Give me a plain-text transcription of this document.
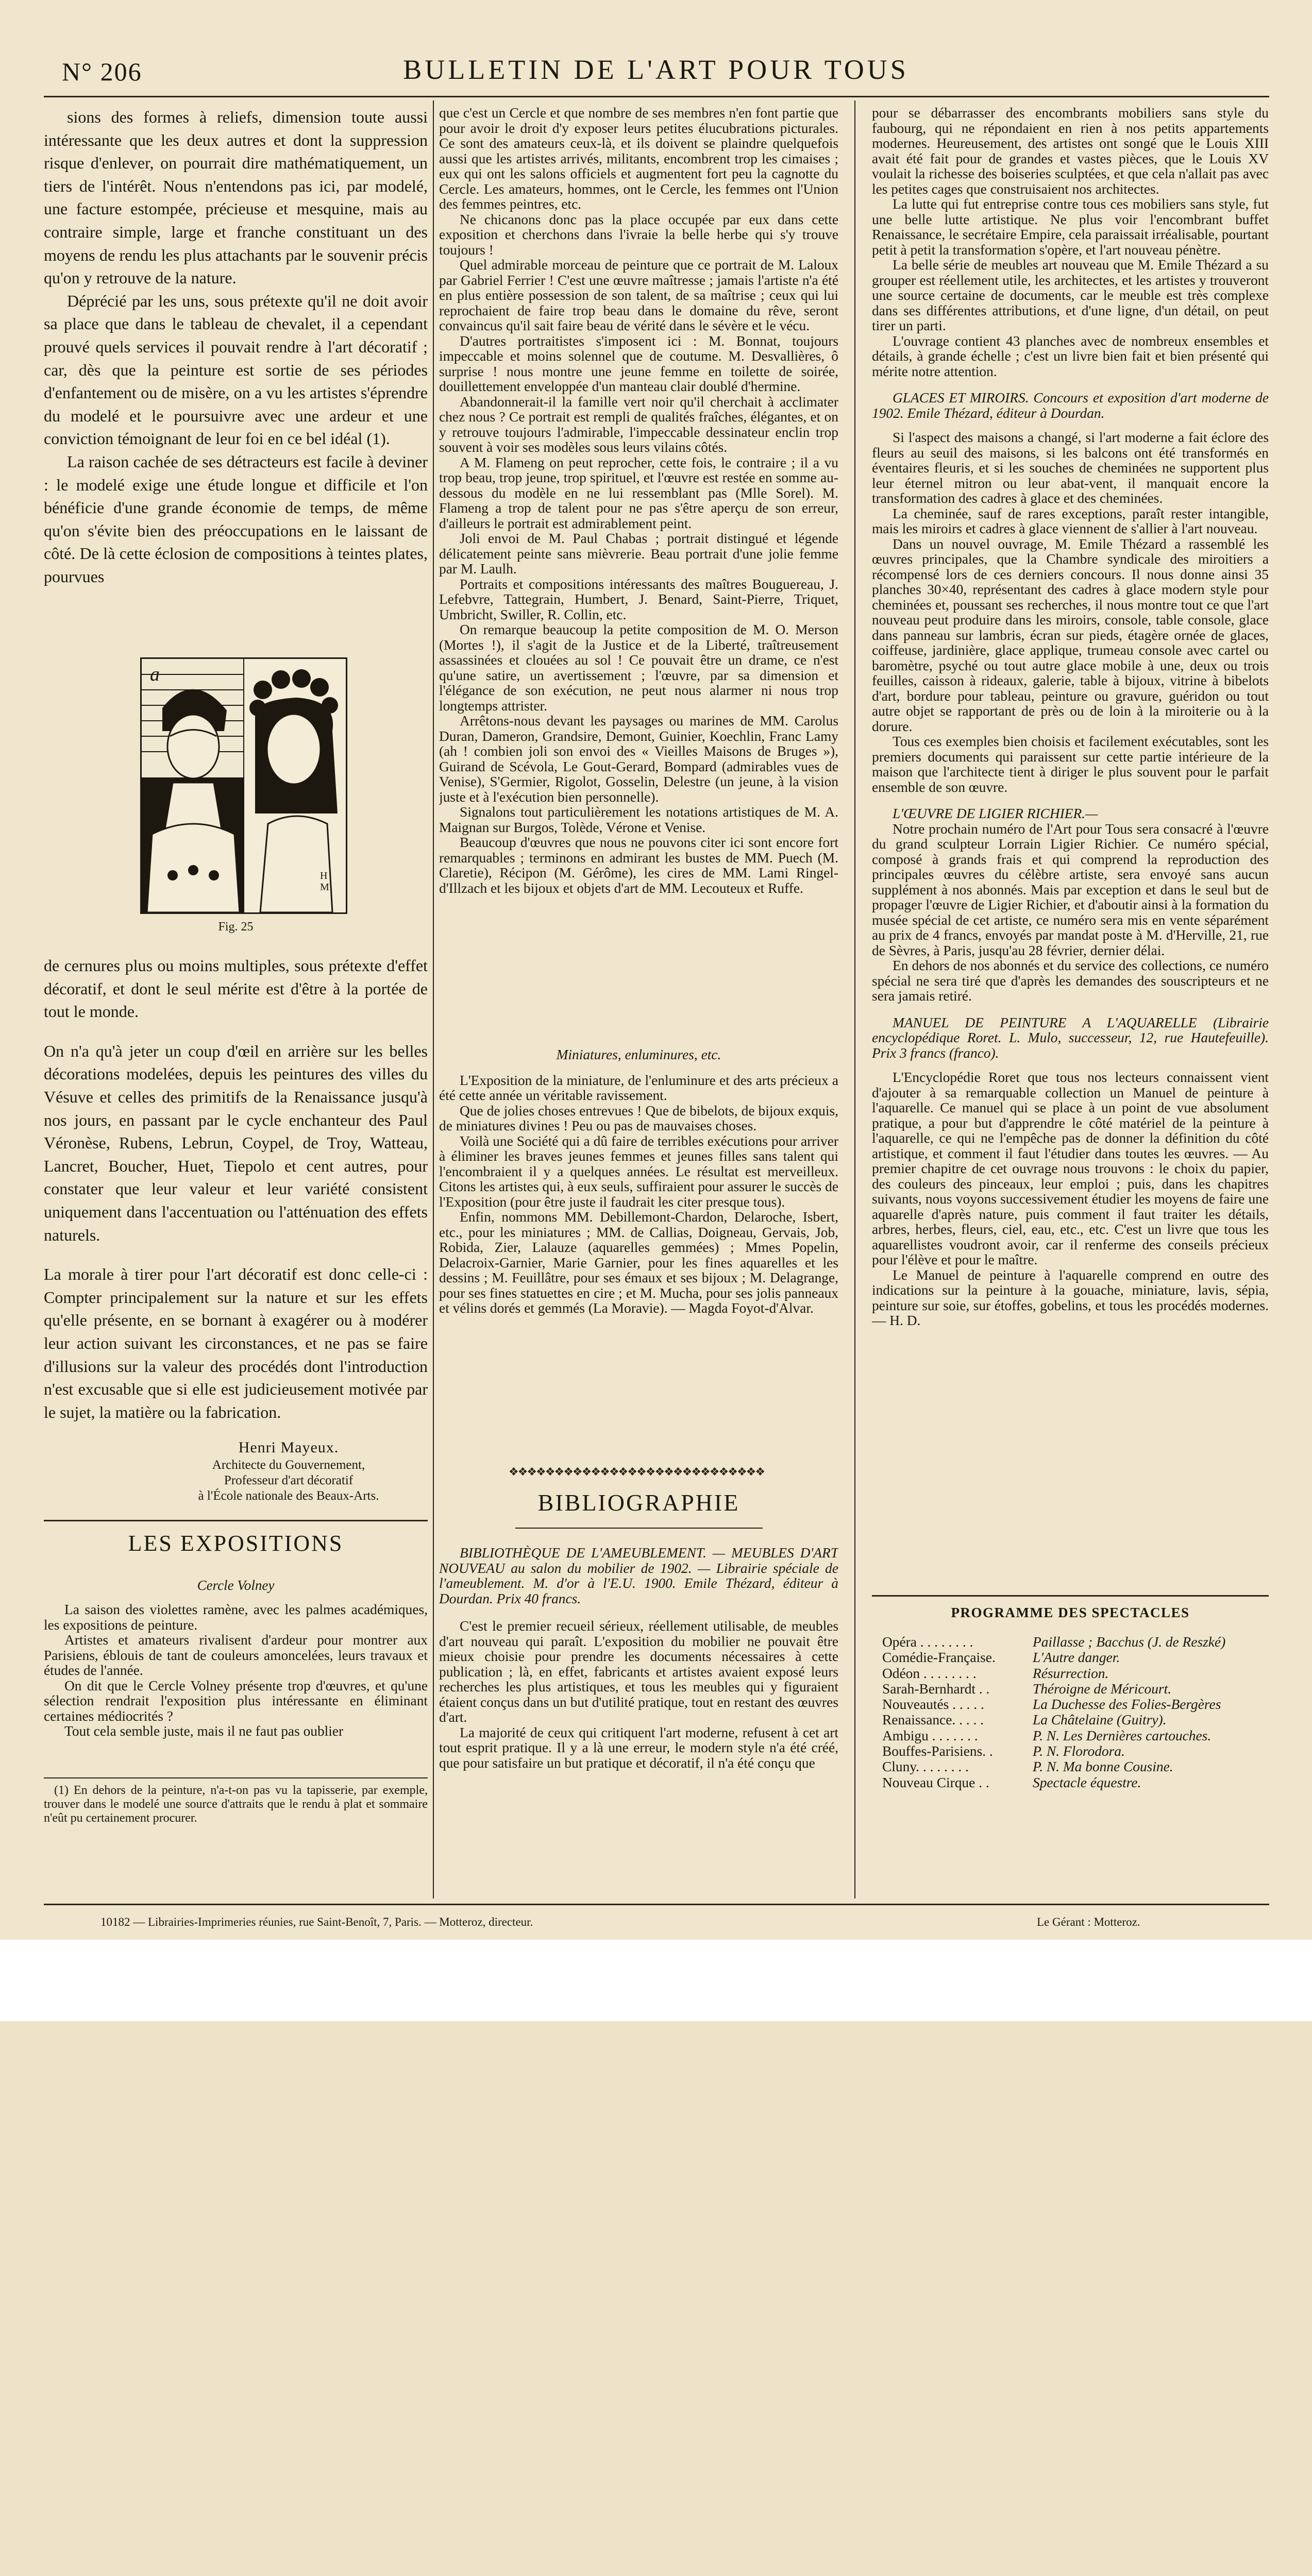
N° 206	BULLETIN DE L'ART POUR TOUS

sions des formes à reliefs, dimension toute aussi intéressante que les deux autres et dont la suppression risque d'enlever, on pourrait dire mathématiquement, un tiers de l'intérêt. Nous n'entendons pas ici, par modelé, une facture estompée, précieuse et mesquine, mais au contraire simple, large et franche constituant un des moyens de rendu les plus attachants par le souvenir précis qu'on y retrouve de la nature.

Déprécié par les uns, sous prétexte qu'il ne doit avoir sa place que dans le tableau de chevalet, il a cependant prouvé quels services il pouvait rendre à l'art décoratif ; car, dès que la peinture est sortie de ses périodes d'enfantement ou de misère, on a vu les artistes s'éprendre du modelé et le poursuivre avec une ardeur et une conviction témoignant de leur foi en ce bel idéal (1).

La raison cachée de ses détracteurs est facile à deviner : le modelé exige une étude longue et difficile et l'on bénéficie d'une grande économie de temps, de même qu'on s'évite bien des préoccupations en le laissant de côté. De là cette éclosion de compositions à teintes plates, pourvues

a
H M
Fig. 25

de cernures plus ou moins multiples, sous prétexte d'effet décoratif, et dont le seul mérite est d'être à la portée de tout le monde.

On n'a qu'à jeter un coup d'œil en arrière sur les belles décorations modelées, depuis les peintures des villes du Vésuve et celles des primitifs de la Renaissance jusqu'à nos jours, en passant par le cycle enchanteur des Paul Véronèse, Rubens, Lebrun, Coypel, de Troy, Watteau, Lancret, Boucher, Huet, Tiepolo et cent autres, pour constater que leur valeur et leur variété consistent uniquement dans l'accentuation ou l'atténuation des effets naturels.

La morale à tirer pour l'art décoratif est donc celle-ci : Compter principalement sur la nature et sur les effets qu'elle présente, en se bornant à exagérer ou à modérer leur action suivant les circonstances, et ne pas se faire d'illusions sur la valeur des procédés dont l'introduction n'est excusable que si elle est judicieusement motivée par le sujet, la matière ou la fabrication.

Henri Mayeux.
Architecte du Gouvernement,
Professeur d'art décoratif
à l'École nationale des Beaux-Arts.
LES EXPOSITIONS
Cercle Volney

La saison des violettes ramène, avec les palmes académiques, les expositions de peinture.

Artistes et amateurs rivalisent d'ardeur pour montrer aux Parisiens, éblouis de tant de couleurs amoncelées, leurs travaux et études de l'année.

On dit que le Cercle Volney présente trop d'œuvres, et qu'une sélection rendrait l'exposition plus intéressante en éliminant certaines médiocrités ?

Tout cela semble juste, mais il ne faut pas oublier

(1) En dehors de la peinture, n'a-t-on pas vu la tapisserie, par exemple, trouver dans le modelé une source d'attraits que le rendu à plat et sommaire n'eût pu certainement procurer.

que c'est un Cercle et que nombre de ses membres n'en font partie que pour avoir le droit d'y exposer leurs petites élucubrations picturales. Ce sont des amateurs ceux-là, et ils doivent se plaindre quelquefois aussi que les artistes arrivés, militants, encombrent trop les cimaises ; eux qui ont les salons officiels et augmentent fort peu la cagnotte du Cercle. Les amateurs, hommes, ont le Cercle, les femmes ont l'Union des femmes peintres, etc.

Ne chicanons donc pas la place occupée par eux dans cette exposition et cherchons dans l'ivraie la belle herbe qui s'y trouve toujours !

Quel admirable morceau de peinture que ce portrait de M. Laloux par Gabriel Ferrier ! C'est une œuvre maîtresse ; jamais l'artiste n'a été en plus entière possession de son talent, de sa maîtrise ; ceux qui lui reprochaient de faire trop beau dans le domaine du rêve, seront convaincus qu'il sait faire beau de vérité dans le sévère et le vécu.

D'autres portraitistes s'imposent ici : M. Bonnat, toujours impeccable et moins solennel que de coutume. M. Desvallières, ô surprise ! nous montre une jeune femme en toilette de soirée, douillettement enveloppée d'un manteau clair doublé d'hermine.

Abandonnerait-il la famille vert noir qu'il cherchait à acclimater chez nous ? Ce portrait est rempli de qualités fraîches, élégantes, et on y retrouve toujours l'admirable, l'impeccable dessinateur enclin trop souvent à voir ses modèles sous leurs vilains côtés.

A M. Flameng on peut reprocher, cette fois, le contraire ; il a vu trop beau, trop jeune, trop spirituel, et l'œuvre est restée en somme au-dessous du modèle en ne lui ressemblant pas (Mlle Sorel). M. Flameng a trop de talent pour ne pas s'être aperçu de son erreur, d'ailleurs le portrait est admirablement peint.

Joli envoi de M. Paul Chabas ; portrait distingué et légende délicatement peinte sans mièvrerie. Beau portrait d'une jolie femme par M. Laulh.

Portraits et compositions intéressants des maîtres Bouguereau, J. Lefebvre, Tattegrain, Humbert, J. Benard, Saint-Pierre, Triquet, Umbricht, Swiller, R. Collin, etc.

On remarque beaucoup la petite composition de M. O. Merson (Mortes !), il s'agit de la Justice et de la Liberté, traîtreusement assassinées et clouées au sol ! Ce pouvait être un drame, ce n'est qu'une satire, un avertissement ; l'œuvre, par sa dimension et l'élégance de son exécution, ne peut nous alarmer ni nous trop longtemps attrister.

Arrêtons-nous devant les paysages ou marines de MM. Carolus Duran, Dameron, Grandsire, Demont, Guinier, Koechlin, Franc Lamy (ah ! combien joli son envoi des « Vieilles Maisons de Bruges »), Guirand de Scévola, Le Gout-Gerard, Bompard (admirables vues de Venise), S'Germier, Rigolot, Gosselin, Delestre (un jeune, à la vision juste et à l'exécution bien personnelle).

Signalons tout particulièrement les notations artistiques de M. A. Maignan sur Burgos, Tolède, Vérone et Venise.

Beaucoup d'œuvres que nous ne pouvons citer ici sont encore fort remarquables ; terminons en admirant les bustes de MM. Puech (M. Claretie), Récipon (M. Gérôme), les cires de MM. Lami Ringel-d'Illzach et les bijoux et objets d'art de MM. Lecouteux et Ruffe.

Miniatures, enluminures, etc.

L'Exposition de la miniature, de l'enluminure et des arts précieux a été cette année un véritable ravissement.

Que de jolies choses entrevues ! Que de bibelots, de bijoux exquis, de miniatures divines ! Peu ou pas de mauvaises choses.

Voilà une Société qui a dû faire de terribles exécutions pour arriver à éliminer les braves jeunes femmes et jeunes filles sans talent qui l'encombraient il y a quelques années. Le résultat est merveilleux. Citons les artistes qui, à eux seuls, suffiraient pour assurer le succès de l'Exposition (pour être juste il faudrait les citer presque tous).

Enfin, nommons MM. Debillemont-Chardon, Delaroche, Isbert, etc., pour les miniatures ; MM. de Callias, Doigneau, Gervais, Job, Robida, Zier, Lalauze (aquarelles gemmées) ; Mmes Popelin, Delacroix-Garnier, Marie Garnier, pour les fines aquarelles et les dessins ; M. Feuillâtre, pour ses émaux et ses bijoux ; M. Delagrange, pour ses fines statuettes en cire ; et M. Mucha, pour ses jolis panneaux et vélins dorés et gemmés (La Moravie). — Magda Foyot-d'Alvar.

❖❖❖❖❖❖❖❖❖❖❖❖❖❖❖❖❖❖❖❖❖❖❖❖❖❖❖❖
BIBLIOGRAPHIE

BIBLIOTHÈQUE DE L'AMEUBLEMENT. — MEUBLES D'ART NOUVEAU au salon du mobilier de 1902. — Librairie spéciale de l'ameublement. M. d'or à l'E.U. 1900. Emile Thézard, éditeur à Dourdan. Prix 40 francs.

C'est le premier recueil sérieux, réellement utilisable, de meubles d'art nouveau qui paraît. L'exposition du mobilier ne pouvait être mieux choisie pour prendre les documents nécessaires à cette publication ; là, en effet, fabricants et artistes avaient exposé leurs recherches les plus artistiques, et tous les meubles qui y figuraient étaient conçus dans un but d'utilité pratique, tout en restant des œuvres d'art.

La majorité de ceux qui critiquent l'art moderne, refusent à cet art tout esprit pratique. Il y a là une erreur, le modern style n'a été créé, que pour satisfaire un but pratique et décoratif, il n'a été conçu que

pour se débarrasser des encombrants mobiliers sans style du faubourg, qui ne répondaient en rien à nos petits appartements modernes. Heureusement, des artistes ont songé que le Louis XIII avait été fait pour de grandes et vastes pièces, que le Louis XV voulait la richesse des boiseries sculptées, et que cela n'allait pas avec les petites cages que construisaient nos architectes.

La lutte qui fut entreprise contre tous ces mobiliers sans style, fut une belle lutte artistique. Ne plus voir l'encombrant buffet Renaissance, le secrétaire Empire, cela paraissait irréalisable, pourtant petit à petit la transformation s'opère, et l'art nouveau pénètre.

La belle série de meubles art nouveau que M. Emile Thézard a su grouper est réellement utile, les architectes, et les artistes y trouveront une source certaine de documents, car le meuble est très complexe dans ses différentes attributions, et d'une ligne, d'un détail, on peut tirer un parti.

L'ouvrage contient 43 planches avec de nombreux ensembles et détails, à grande échelle ; c'est un livre bien fait et bien présenté qui mérite notre attention.

GLACES ET MIROIRS. Concours et exposition d'art moderne de 1902. Emile Thézard, éditeur à Dourdan.

Si l'aspect des maisons a changé, si l'art moderne a fait éclore des fleurs au seuil des maisons, si les balcons ont été transformés en éventaires fleuris, et si les souches de cheminées ne supportent plus leur éternel mitron ou leur abat-vent, il manquait encore la transformation des cadres à glace et des cheminées.

La cheminée, sauf de rares exceptions, paraît rester intangible, mais les miroirs et cadres à glace viennent de s'allier à l'art nouveau.

Dans un nouvel ouvrage, M. Emile Thézard a rassemblé les œuvres principales, que la Chambre syndicale des miroitiers a récompensé lors de ces derniers concours. Il nous donne ainsi 35 planches 30×40, représentant des cadres à glace modern style pour cheminées et, poussant ses recherches, il nous montre tout ce que l'art nouveau peut produire dans les miroirs, console, table console, glace dans panneau sur lambris, écran sur pieds, étagère ornée de glaces, coiffeuse, jardinière, glace applique, trumeau console avec cartel ou baromètre, psyché ou tout autre glace mobile à une, deux ou trois feuilles, caisson à rideaux, galerie, table à bijoux, vitrine à bibelots d'art, bordure pour tableau, peinture ou gravure, guéridon ou tout autre objet se rapportant de près ou de loin à la miroiterie ou à la dorure.

Tous ces exemples bien choisis et facilement exécutables, sont les premiers documents qui paraissent sur cette partie intérieure de la maison que l'architecte tient à diriger le plus souvent pour le parfait ensemble de son œuvre.

L'ŒUVRE DE LIGIER RICHIER.—

Notre prochain numéro de l'Art pour Tous sera consacré à l'œuvre du grand sculpteur Lorrain Ligier Richier. Ce numéro spécial, composé à grands frais et qui comprend la reproduction des principales œuvres du célèbre artiste, sera envoyé sans aucun supplément à nos abonnés. Mais par exception et dans le seul but de propager l'œuvre de Ligier Richier, et d'aboutir ainsi à la formation du musée spécial de cet artiste, ce numéro sera mis en vente séparément au prix de 4 francs, envoyés par mandat poste à M. d'Herville, 21, rue de Sèvres, à Paris, jusqu'au 28 février, dernier délai.

En dehors de nos abonnés et du service des collections, ce numéro spécial ne sera tiré que d'après les demandes des souscripteurs et ne sera jamais retiré.

MANUEL DE PEINTURE A L'AQUARELLE (Librairie encyclopédique Roret. L. Mulo, successeur, 12, rue Hautefeuille). Prix 3 francs (franco).

L'Encyclopédie Roret que tous nos lecteurs connaissent vient d'ajouter à sa remarquable collection un Manuel de peinture à l'aquarelle. Ce manuel qui se place à un point de vue absolument pratique, a pour but d'apprendre le côté matériel de la peinture à l'aquarelle, ce qui ne l'empêche pas de donner la définition du côté artistique, et comment il faut l'étudier dans toutes les œuvres. — Au premier chapitre de cet ouvrage nous trouvons : le choix du papier, des couleurs des pinceaux, leur emploi ; puis, dans les chapitres suivants, nous voyons successivement étudier les moyens de faire une aquarelle d'après nature, puis comment il faut traiter les détails, arbres, herbes, fleurs, ciel, eau, etc., etc. C'est un livre que tous les aquarellistes voudront avoir, car il renferme des conseils précieux pour l'élève et pour le maître.

Le Manuel de peinture à l'aquarelle comprend en outre des indications sur la peinture à la gouache, miniature, lavis, sépia, peinture sur soie, sur étoffes, gobelins, et tous les procédés modernes. — H. D.

PROGRAMME DES SPECTACLES
Opéra . . . . . . . .	Paillasse ; Bacchus (J. de Reszké)
Comédie-Française.	L'Autre danger.
Odéon . . . . . . . .	Résurrection.
Sarah-Bernhardt . .	Théroigne de Méricourt.
Nouveautés . . . . .	La Duchesse des Folies-Bergères
Renaissance. . . . .	La Châtelaine (Guitry).
Ambigu . . . . . . .	P. N. Les Dernières cartouches.
Bouffes-Parisiens. .	P. N. Florodora.
Cluny. . . . . . . .	P. N. Ma bonne Cousine.
Nouveau Cirque . .	Spectacle équestre.
10182 — Librairies-Imprimeries réunies, rue Saint-Benoît, 7, Paris. — Motteroz, directeur.	Le Gérant : Motteroz.
